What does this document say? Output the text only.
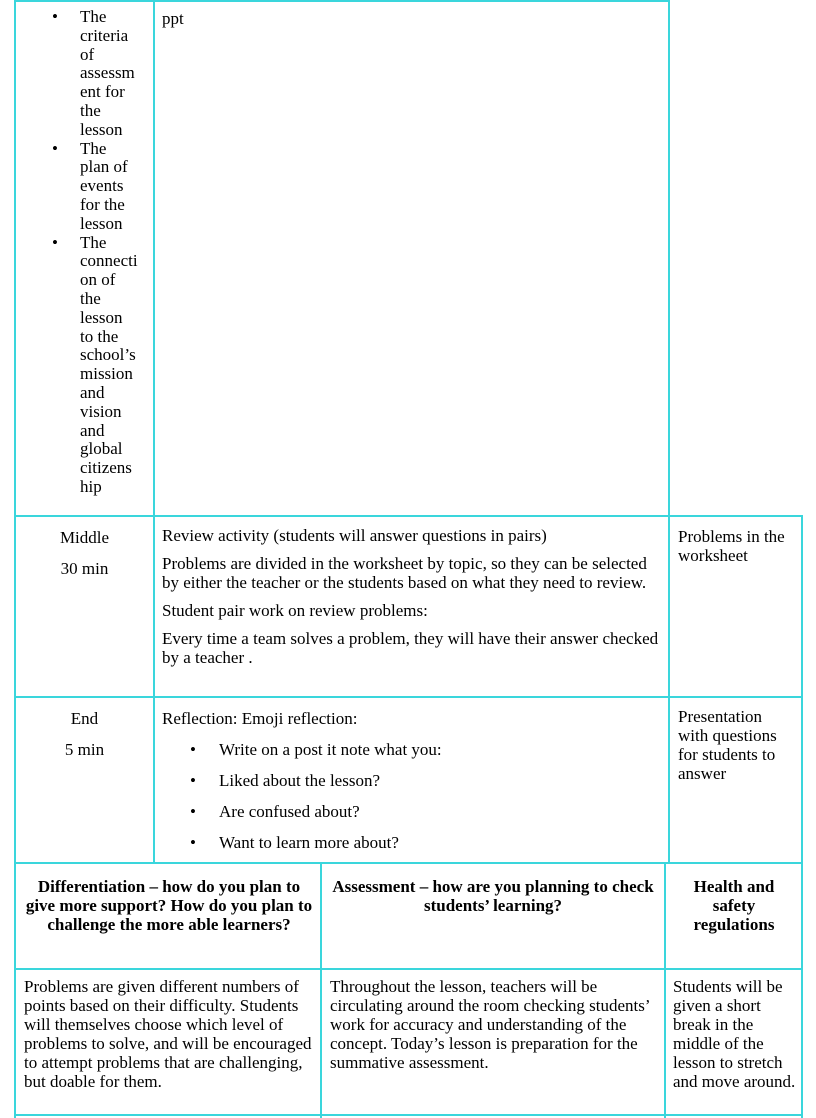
• The
criteria
of
assessm
ent for
the
lesson
• The
plan of
events
for the
lesson
• The
connecti
on of
the
lesson
to the
school’s
mission
and
vision
and
global
citizens
hip
ppt

Middle

30 min

Review activity (students will answer questions in pairs)

Problems are divided in the worksheet by topic, so they can be selected by either the teacher or the students based on what they need to review.

Student pair work on review problems:

Every time a team solves a problem, they will have their answer checked by a teacher .

Problems in the worksheet

End

5 min

Reflection: Emoji reflection:

• Write on a post it note what you:
• Liked about the lesson?
• Are confused about?
• Want to learn more about?
Presentation with questions for students to answer
Differentiation – how do you plan to give more support? How do you plan to challenge the more able learners?
Assessment – how are you planning to check students’ learning?
Health and safety regulations
Problems are given different numbers of points based on their difficulty. Students will themselves choose which level of problems to solve, and will be encouraged to attempt problems that are challenging, but doable for them.
Throughout the lesson, teachers will be circulating around the room checking students’ work for accuracy and understanding of the concept. Today’s lesson is preparation for the summative assessment.
Students will be given a short break in the middle of the lesson to stretch and move around.
